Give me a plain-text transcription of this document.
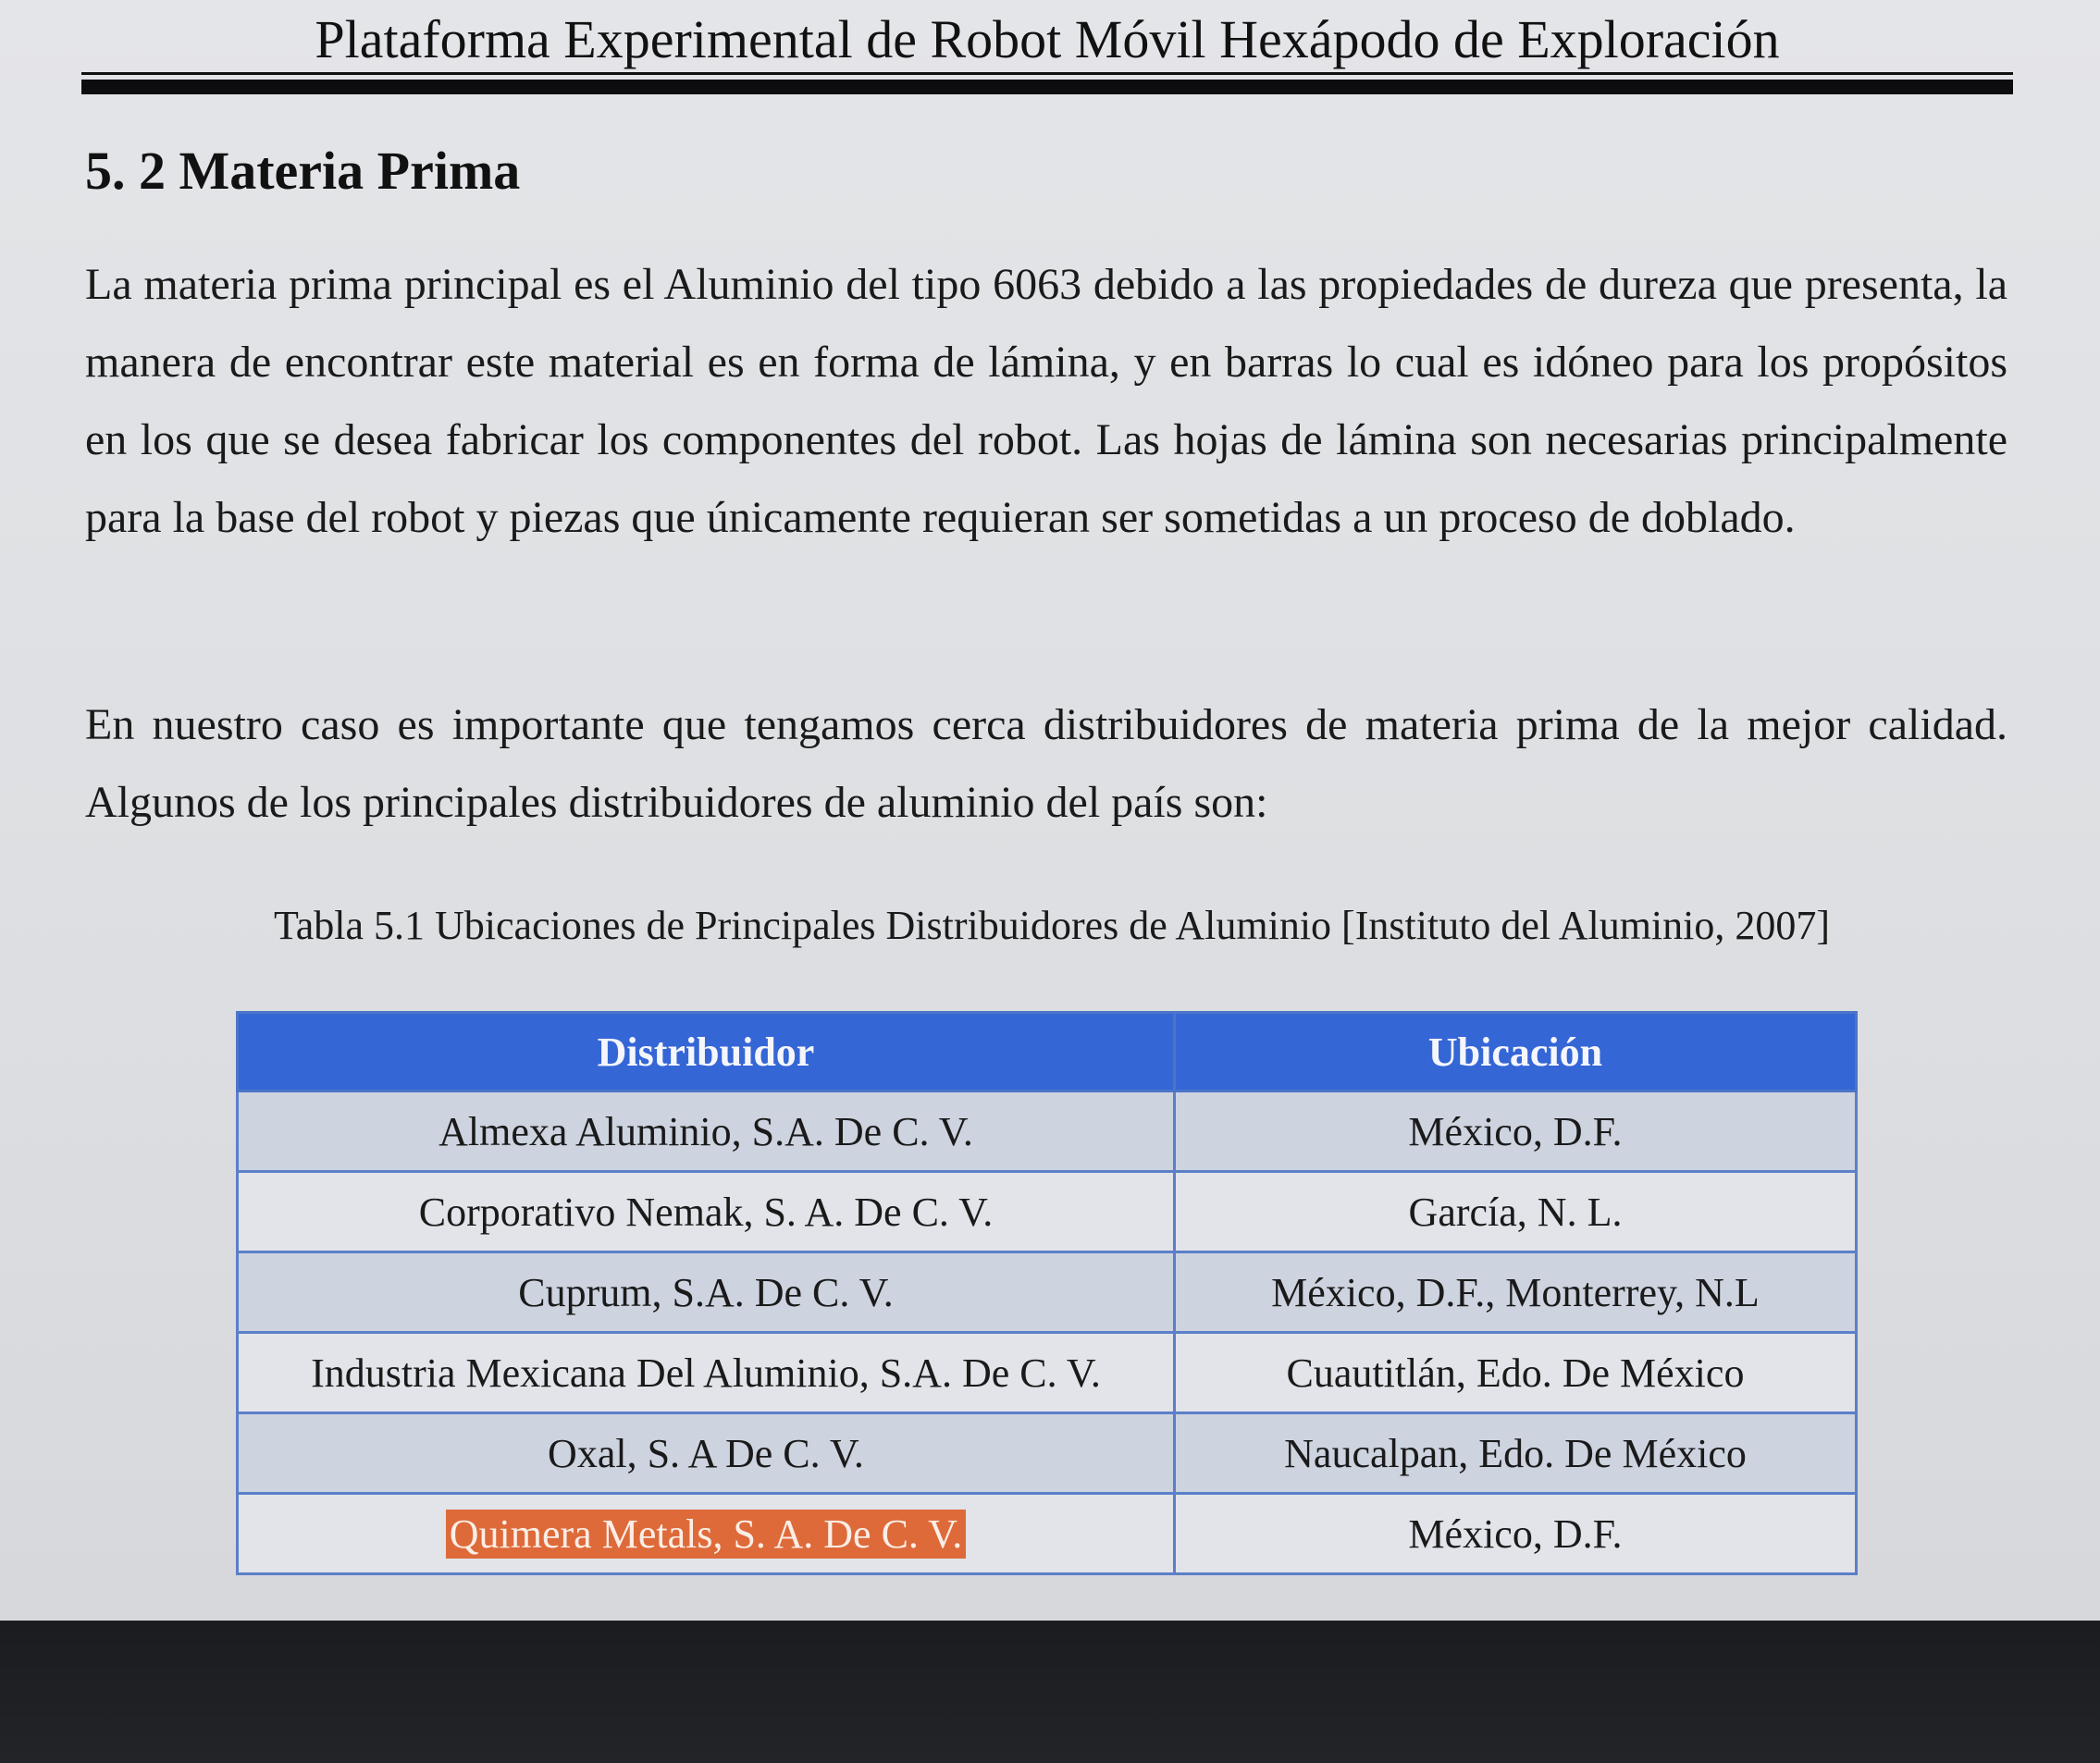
Plataforma Experimental de Robot Móvil Hexápodo de Exploración
5. 2 Materia Prima
La materia prima principal es el Aluminio del tipo 6063 debido a las propiedades de dureza que presenta, la manera de encontrar este material es en forma de lámina, y en barras lo cual es idóneo para los propósitos en los que se desea fabricar los componentes del robot. Las hojas de lámina son necesarias principalmente para la base del robot y piezas que únicamente requieran ser sometidas a un proceso de doblado.
En nuestro caso es importante que tengamos cerca distribuidores de materia prima de la mejor calidad. Algunos de los principales distribuidores de aluminio del país son:
Tabla 5.1 Ubicaciones de Principales Distribuidores de Aluminio [Instituto del Aluminio, 2007]
Distribuidor	Ubicación
Almexa Aluminio, S.A. De C. V.	México, D.F.
Corporativo Nemak, S. A. De C. V.	García, N. L.
Cuprum, S.A. De C. V.	México, D.F., Monterrey, N.L
Industria Mexicana Del Aluminio, S.A. De C. V.	Cuautitlán, Edo. De México
Oxal, S. A De C. V.	Naucalpan, Edo. De México
Quimera Metals, S. A. De C. V.	México, D.F.
